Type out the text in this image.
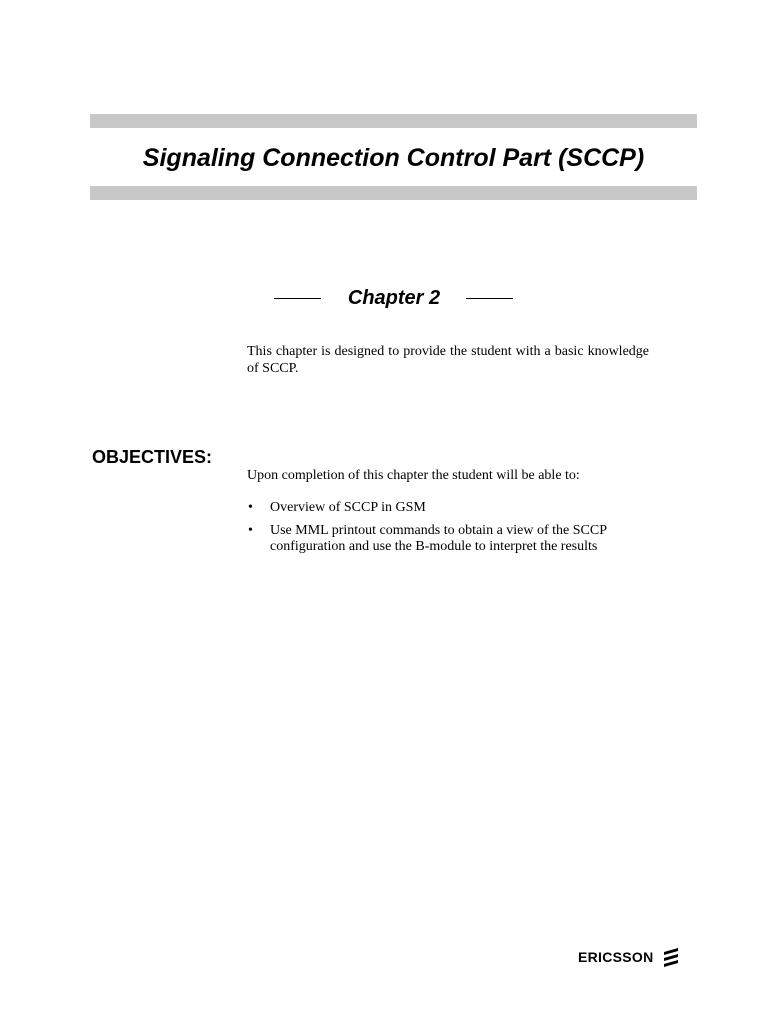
Signaling Connection Control Part (SCCP)
Chapter 2

This chapter is designed to provide the student with a basic knowledge of SCCP.

OBJECTIVES:
Upon completion of this chapter the student will be able to:
• Overview of SCCP in GSM
• Use MML printout commands to obtain a view of the SCCP configuration and use the B-module to interpret the results
ERICSSON
